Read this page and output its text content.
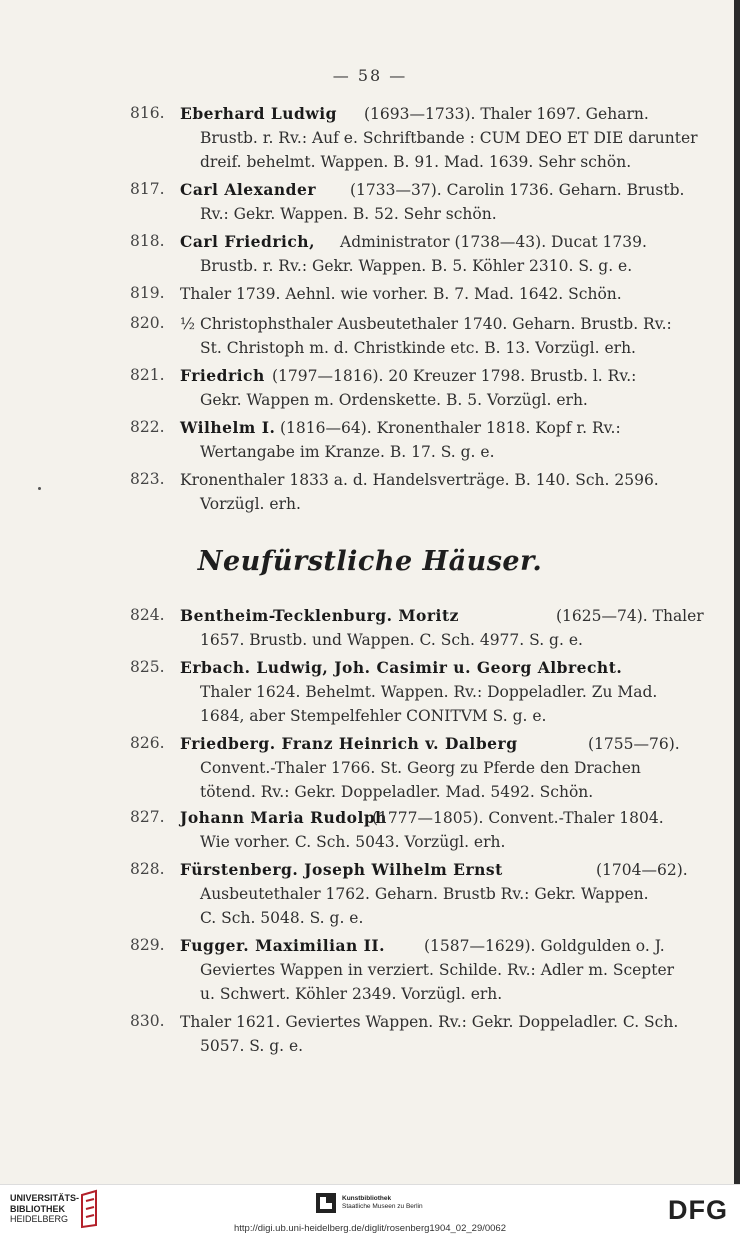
— 58 —
816. Eberhard Ludwig (1693—1733). Thaler 1697. Geharn.
Brustb. r. Rv.: Auf e. Schriftbande : CUM DEO ET DIE darunter
dreif. behelmt. Wappen. B. 91. Mad. 1639. Sehr schön.
817. Carl Alexander (1733—37). Carolin 1736. Geharn. Brustb.
Rv.: Gekr. Wappen. B. 52. Sehr schön.
818. Carl Friedrich, Administrator (1738—43). Ducat 1739.
Brustb. r. Rv.: Gekr. Wappen. B. 5. Köhler 2310. S. g. e.
819. Thaler 1739. Aehnl. wie vorher. B. 7. Mad. 1642. Schön.
820. ½ Christophsthaler Ausbeutethaler 1740. Geharn. Brustb. Rv.:
St. Christoph m. d. Christkinde etc. B. 13. Vorzügl. erh.
821. Friedrich (1797—1816). 20 Kreuzer 1798. Brustb. l. Rv.:
Gekr. Wappen m. Ordenskette. B. 5. Vorzügl. erh.
822. Wilhelm I. (1816—64). Kronenthaler 1818. Kopf r. Rv.:
Wertangabe im Kranze. B. 17. S. g. e.
823. Kronenthaler 1833 a. d. Handelsverträge. B. 140. Sch. 2596.
Vorzügl. erh.
Neufürstliche Häuser.
824. Bentheim-Tecklenburg. Moritz	(1625—74). Thaler
1657. Brustb. und Wappen. C. Sch. 4977. S. g. e.
825. Erbach. Ludwig, Joh. Casimir u. Georg Albrecht.
Thaler 1624. Behelmt. Wappen. Rv.: Doppeladler. Zu Mad.
1684, aber Stempelfehler CONITVM S. g. e.
826. Friedberg. Franz Heinrich v. Dalberg	(1755—76).
Convent.-Thaler 1766. St. Georg zu Pferde den Drachen
tötend. Rv.: Gekr. Doppeladler. Mad. 5492. Schön.
827. Johann Maria Rudolph
(1777—1805). Convent.-Thaler 1804.
Wie vorher. C. Sch. 5043. Vorzügl. erh.
828. Fürstenberg. Joseph Wilhelm Ernst	(1704—62).
Ausbeutethaler 1762. Geharn. Brustb Rv.: Gekr. Wappen.
C. Sch. 5048. S. g. e.
829. Fugger. Maximilian II.	(1587—1629). Goldgulden o. J.
Geviertes Wappen in verziert. Schilde. Rv.: Adler m. Scepter
u. Schwert. Köhler 2349. Vorzügl. erh.
830. Thaler 1621. Geviertes Wappen. Rv.: Gekr. Doppeladler. C. Sch.
5057. S. g. e.
UNIVERSITÄTS-
BIBLIOTHEK
HEIDELBERG
Kunstbibliothek
Staatliche Museen zu Berlin
http://digi.ub.uni-heidelberg.de/diglit/rosenberg1904_02_29/0062
DFG
